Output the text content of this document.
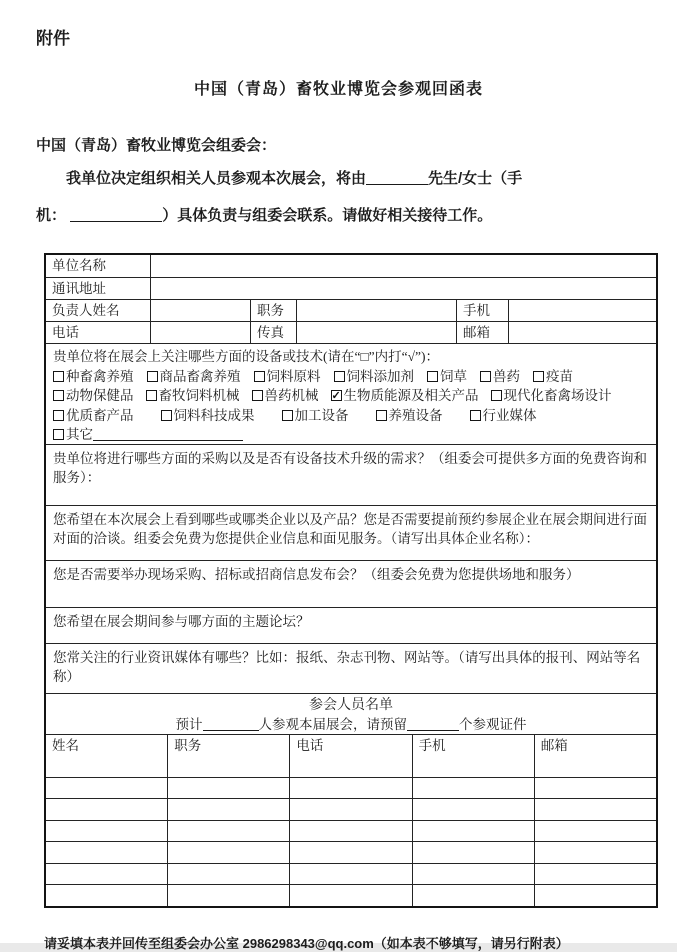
附件
中国（青岛）畜牧业博览会参观回函表
中国（青岛）畜牧业博览会组委会：

我单位决定组织相关人员参观本次展会，将由	先生/女士（手

机：	）具体负责与组委会联系。请做好相关接待工作。

单位名称
通讯地址
负责人姓名	职务	手机
电话	传真	邮箱
贵单位将在展会上关注哪些方面的设备或技术(请在“□”内打“√”)：
种畜禽养殖	商品畜禽养殖	饲料原料	饲料添加剂	饲草	兽药	疫苗
动物保健品	畜牧饲料机械	兽药机械 ✓	生物质能源及相关产品	现代化畜禽场设计
优质畜产品	饲料科技成果	加工设备	养殖设备	行业媒体
其它
贵单位将进行哪些方面的采购以及是否有设备技术升级的需求？（组委会可提供多方面的免费咨询和服务）：
您希望在本次展会上看到哪些或哪类企业以及产品？您是否需要提前预约参展企业在展会期间进行面对面的洽谈。组委会免费为您提供企业信息和面见服务。（请写出具体企业名称）：
您是否需要举办现场采购、招标或招商信息发布会？（组委会免费为您提供场地和服务）
您希望在展会期间参与哪方面的主题论坛？
您常关注的行业资讯媒体有哪些？比如：报纸、杂志刊物、网站等。（请写出具体的报刊、网站等名称）
参会人员名单
预计	人参观本届展会，请预留	个参观证件
姓名	职务	电话	手机	邮箱
请妥填本表并回传至组委会办公室 2986298343@qq.com（如本表不够填写，请另行附表）
